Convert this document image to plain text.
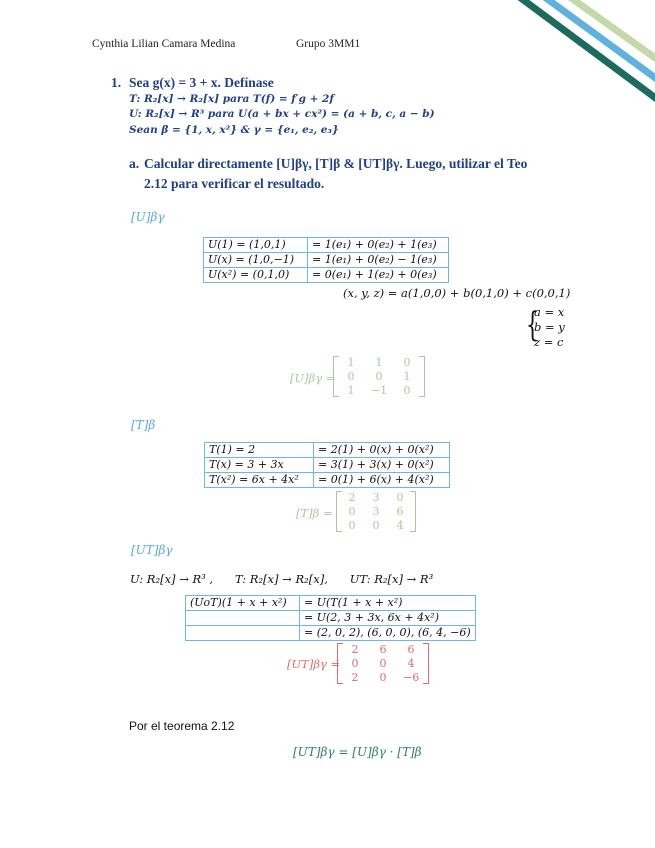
Cynthia Lilian Camara Medina	Grupo 3MM1
1. Sea g(x) = 3 + x. Defínase
T: R₂[x] → R₂[x] para T(f) = f′g + 2f
U: R₂[x] → R³ para U(a + bx + cx²) = (a + b, c, a − b)
Sean β = {1, x, x²} & γ = {e₁, e₂, e₃}
a. Calcular directamente [U]βγ, [T]β & [UT]βγ. Luego, utilizar el Teo
2.12 para verificar el resultado.
[U]βγ
U(1) = (1,0,1)	= 1(e₁) + 0(e₂) + 1(e₃)
U(x) = (1,0,−1)	= 1(e₁) + 0(e₂) − 1(e₃)
U(x²) = (0,1,0)	= 0(e₁) + 1(e₂) + 0(e₃)
(x, y, z) = a(1,0,0) + b(0,1,0) + c(0,0,1)
{
a = x
b = y
z = c
[U]βγ =
1	1	0
0	0	1
1	−1	0
[T]β
T(1) = 2	= 2(1) + 0(x) + 0(x²)
T(x) = 3 + 3x	= 3(1) + 3(x) + 0(x²)
T(x²) = 6x + 4x²	= 0(1) + 6(x) + 4(x²)
[T]β =
2 3 0
0 3 6
0 0 4
[UT]βγ
U: R₂[x] → R³ ,      T: R₂[x] → R₂[x],      UT: R₂[x] → R³
(UoT)(1 + x + x²)	= U(T(1 + x + x²)
	= U(2, 3 + 3x, 6x + 4x²)
	= (2, 0, 2), (6, 0, 0), (6, 4, −6)
[UT]βγ =
2	6	6
0	0	4
2	0	−6
Por el teorema 2.12
[UT]βγ = [U]βγ · [T]β
